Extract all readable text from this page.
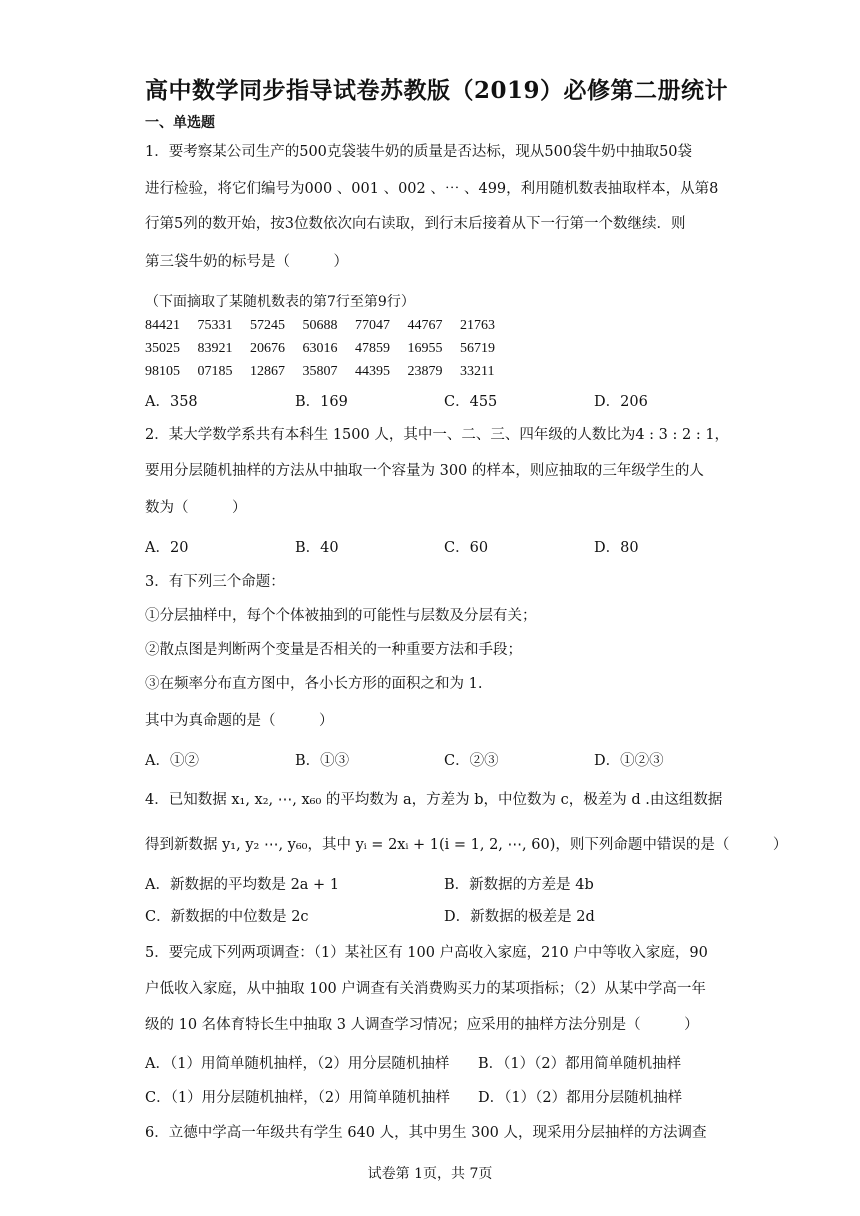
高中数学同步指导试卷苏教版（2019）必修第二册统计
一、单选题
1．要考察某公司生产的500克袋装牛奶的质量是否达标，现从500袋牛奶中抽取50袋
进行检验，将它们编号为000 、001 、002 、⋯ 、499，利用随机数表抽取样本，从第8
行第5列的数开始，按3位数依次向右读取，到行末后接着从下一行第一个数继续．则
第三袋牛奶的标号是（　　　）
（下面摘取了某随机数表的第7行至第9行）
84421 75331 57245 50688 77047 44767 21763
35025 83921 20676 63016 47859 16955 56719
98105 07185 12867 35807 44395 23879 33211
A．358	B．169	C．455	D．206
2．某大学数学系共有本科生 1500 人，其中一、二、三、四年级的人数比为4 : 3 : 2 : 1，
要用分层随机抽样的方法从中抽取一个容量为 300 的样本，则应抽取的三年级学生的人
数为（　　　）
A．20	B．40	C．60	D．80
3．有下列三个命题：
①分层抽样中，每个个体被抽到的可能性与层数及分层有关；
②散点图是判断两个变量是否相关的一种重要方法和手段；
③在频率分布直方图中，各小长方形的面积之和为 1.
其中为真命题的是（　　　）
A．①②	B．①③	C．②③	D．①②③
4．已知数据 x₁, x₂, ⋯, x₆₀ 的平均数为 a，方差为 b，中位数为 c，极差为 d .由这组数据
得到新数据 y₁, y₂ ⋯, y₆₀，其中 yᵢ = 2xᵢ + 1(i = 1, 2, ⋯, 60)，则下列命题中错误的是（　　　）
A．新数据的平均数是 2a + 1	B．新数据的方差是 4b
C．新数据的中位数是 2c	D．新数据的极差是 2d
5．要完成下列两项调查：（1）某社区有 100 户高收入家庭，210 户中等收入家庭，90
户低收入家庭，从中抽取 100 户调查有关消费购买力的某项指标；（2）从某中学高一年
级的 10 名体育特长生中抽取 3 人调查学习情况；应采用的抽样方法分别是（　　　）
A．（1）用简单随机抽样，（2）用分层随机抽样 B．（1）（2）都用简单随机抽样
C．（1）用分层随机抽样，（2）用简单随机抽样 D．（1）（2）都用分层随机抽样
6．立德中学高一年级共有学生 640 人，其中男生 300 人，现采用分层抽样的方法调查
试卷第 1页，共 7页
